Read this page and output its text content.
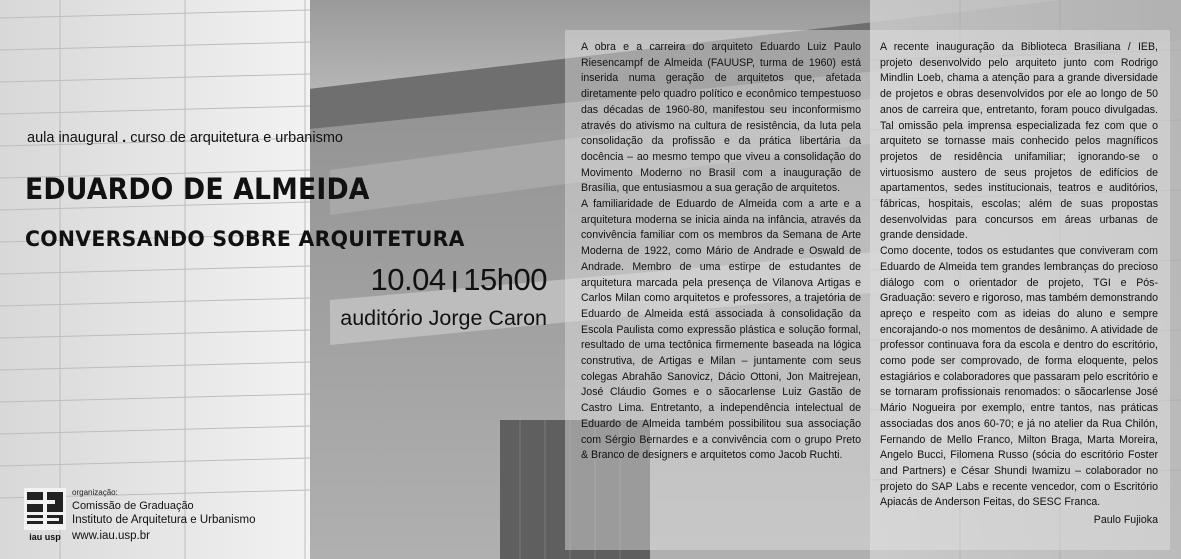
aula inaugural . curso de arquitetura e urbanismo
EDUARDO DE ALMEIDA
CONVERSANDO SOBRE ARQUITETURA
10.04 | 15h00
auditório Jorge Caron

A obra e a carreira do arquiteto Eduardo Luiz Paulo Riesencampf de Almeida (FAUUSP, turma de 1960) está inserida numa geração de arquitetos que, afetada diretamente pelo quadro político e econômico tempestuoso das décadas de 1960-80, manifestou seu inconformismo através do ativismo na cultura de resistência, da luta pela consolidação da profissão e da prática libertária da docência – ao mesmo tempo que viveu a consolidação do Movimento Moderno no Brasil com a inauguração de Brasília, que entusiasmou a sua geração de arquitetos.

A familiaridade de Eduardo de Almeida com a arte e a arquitetura moderna se inicia ainda na infância, através da convivência familiar com os membros da Semana de Arte Moderna de 1922, como Mário de Andrade e Oswald de Andrade. Membro de uma estirpe de estudantes de arquitetura marcada pela presença de Vilanova Artigas e Carlos Milan como arquitetos e professores, a trajetória de Eduardo de Almeida está associada à consolidação da Escola Paulista como expressão plástica e solução formal, resultado de uma tectônica firmemente baseada na lógica construtiva, de Artigas e Milan – juntamente com seus colegas Abrahão Sanovicz, Dácio Ottoni, Jon Maitrejean, José Cláudio Gomes e o sãocarlense Luiz Gastão de Castro Lima. Entretanto, a independência intelectual de Eduardo de Almeida também possibilitou sua associação com Sérgio Bernardes e a convivência com o grupo Preto & Branco de designers e arquitetos como Jacob Ruchti.

A recente inauguração da Biblioteca Brasiliana / IEB, projeto desenvolvido pelo arquiteto junto com Rodrigo Mindlin Loeb, chama a atenção para a grande diversidade de projetos e obras desenvolvidos por ele ao longo de 50 anos de carreira que, entretanto, foram pouco divulgadas. Tal omissão pela imprensa especializada fez com que o arquiteto se tornasse mais conhecido pelos magníficos projetos de residência unifamiliar; ignorando-se o virtuosismo austero de seus projetos de edifícios de apartamentos, sedes institucionais, teatros e auditórios, fábricas, hospitais, escolas; além de suas propostas desenvolvidas para concursos em áreas urbanas de grande densidade.

Como docente, todos os estudantes que conviveram com Eduardo de Almeida tem grandes lembranças do precioso diálogo com o orientador de projeto, TGI e Pós-Graduação: severo e rigoroso, mas também demonstrando apreço e respeito com as ideias do aluno e sempre encorajando-o nos momentos de desânimo. A atividade de professor continuava fora da escola e dentro do escritório, como pode ser comprovado, de forma eloquente, pelos estagiários e colaboradores que passaram pelo escritório e se tornaram profissionais renomados: o sãocarlense José Mário Nogueira por exemplo, entre tantos, nas práticas associadas dos anos 60-70; e já no atelier da Rua Chilón, Fernando de Mello Franco, Milton Braga, Marta Moreira, Angelo Bucci, Filomena Russo (sócia do escritório Foster and Partners) e César Shundi Iwamizu – colaborador no projeto do SAP Labs e recente vencedor, com o Escritório Apiacás de Anderson Feitas, do SESC Franca.

Paulo Fujioka

iau usp
organização:
Comissão de Graduação
Instituto de Arquitetura e Urbanismo
www.iau.usp.br
